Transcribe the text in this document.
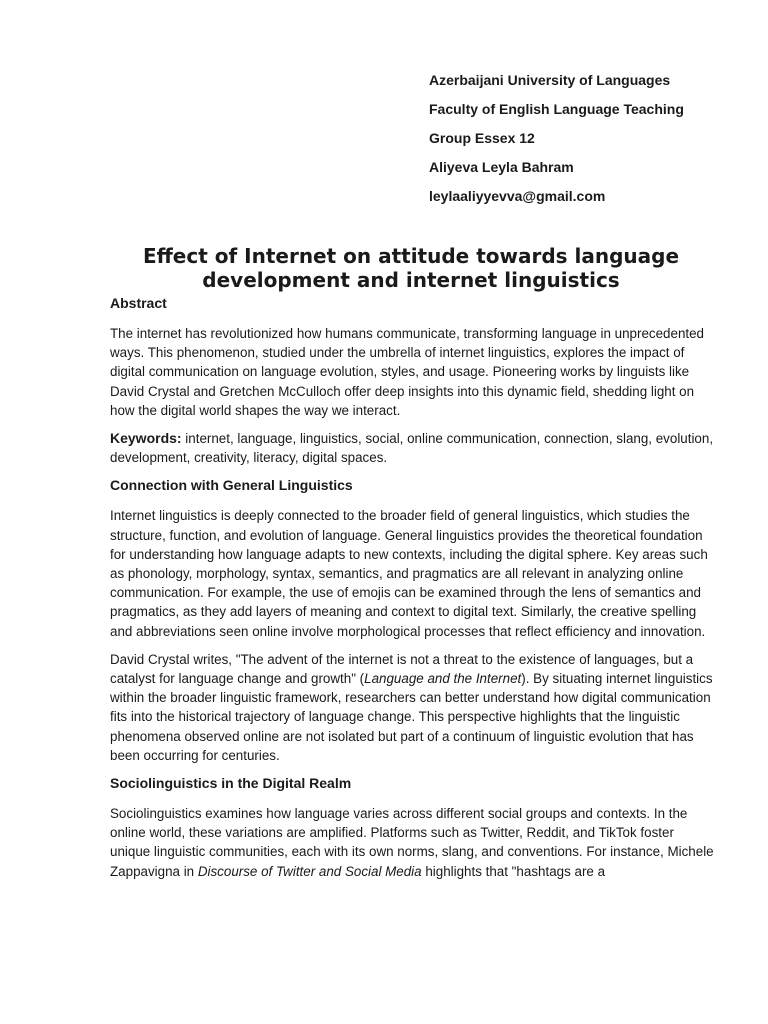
Azerbaijani University of Languages
Faculty of English Language Teaching
Group Essex 12
Aliyeva Leyla Bahram
leylaaliyyevva@gmail.com
Effect of Internet on attitude towards language development and internet linguistics
Abstract

The internet has revolutionized how humans communicate, transforming language in unprecedented ways. This phenomenon, studied under the umbrella of internet linguistics, explores the impact of digital communication on language evolution, styles, and usage. Pioneering works by linguists like David Crystal and Gretchen McCulloch offer deep insights into this dynamic field, shedding light on how the digital world shapes the way we interact.

Keywords: internet, language, linguistics, social, online communication, connection, slang, evolution, development, creativity, literacy, digital spaces.

Connection with General Linguistics

Internet linguistics is deeply connected to the broader field of general linguistics, which studies the structure, function, and evolution of language. General linguistics provides the theoretical foundation for understanding how language adapts to new contexts, including the digital sphere. Key areas such as phonology, morphology, syntax, semantics, and pragmatics are all relevant in analyzing online communication. For example, the use of emojis can be examined through the lens of semantics and pragmatics, as they add layers of meaning and context to digital text. Similarly, the creative spelling and abbreviations seen online involve morphological processes that reflect efficiency and innovation.

David Crystal writes, "The advent of the internet is not a threat to the existence of languages, but a catalyst for language change and growth" (Language and the Internet). By situating internet linguistics within the broader linguistic framework, researchers can better understand how digital communication fits into the historical trajectory of language change. This perspective highlights that the linguistic phenomena observed online are not isolated but part of a continuum of linguistic evolution that has been occurring for centuries.

Sociolinguistics in the Digital Realm

Sociolinguistics examines how language varies across different social groups and contexts. In the online world, these variations are amplified. Platforms such as Twitter, Reddit, and TikTok foster unique linguistic communities, each with its own norms, slang, and conventions. For instance, Michele Zappavigna in Discourse of Twitter and Social Media highlights that "hashtags are a
